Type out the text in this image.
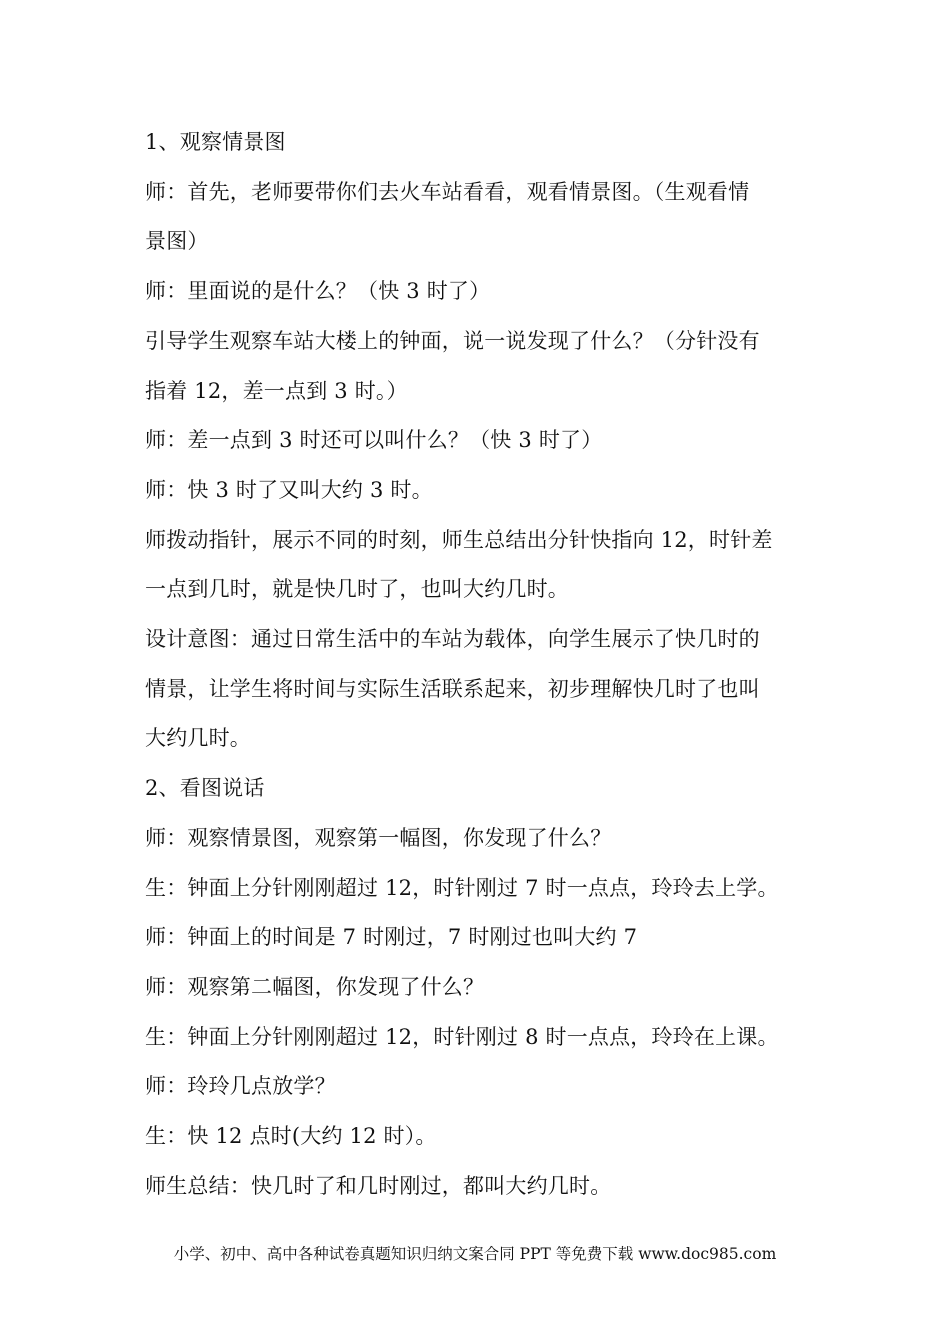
1、观察情景图
师：首先，老师要带你们去火车站看看，观看情景图。（生观看情
景图）
师：里面说的是什么？（快 3 时了）
引导学生观察车站大楼上的钟面，说一说发现了什么？（分针没有
指着 12，差一点到 3 时。）
师：差一点到 3 时还可以叫什么？（快 3 时了）
师：快 3 时了又叫大约 3 时。
师拨动指针，展示不同的时刻，师生总结出分针快指向 12，时针差
一点到几时，就是快几时了，也叫大约几时。
设计意图：通过日常生活中的车站为载体，向学生展示了快几时的
情景，让学生将时间与实际生活联系起来，初步理解快几时了也叫
大约几时。
2、看图说话
师：观察情景图，观察第一幅图，你发现了什么？
生：钟面上分针刚刚超过 12，时针刚过 7 时一点点，玲玲去上学。
师：钟面上的时间是 7 时刚过，7 时刚过也叫大约 7
师：观察第二幅图，你发现了什么？
生：钟面上分针刚刚超过 12，时针刚过 8 时一点点，玲玲在上课。
师：玲玲几点放学？
生：快 12 点时(大约 12 时）。
师生总结：快几时了和几时刚过，都叫大约几时。
小学、初中、高中各种试卷真题知识归纳文案合同 PPT 等免费下载 www.doc985.com
